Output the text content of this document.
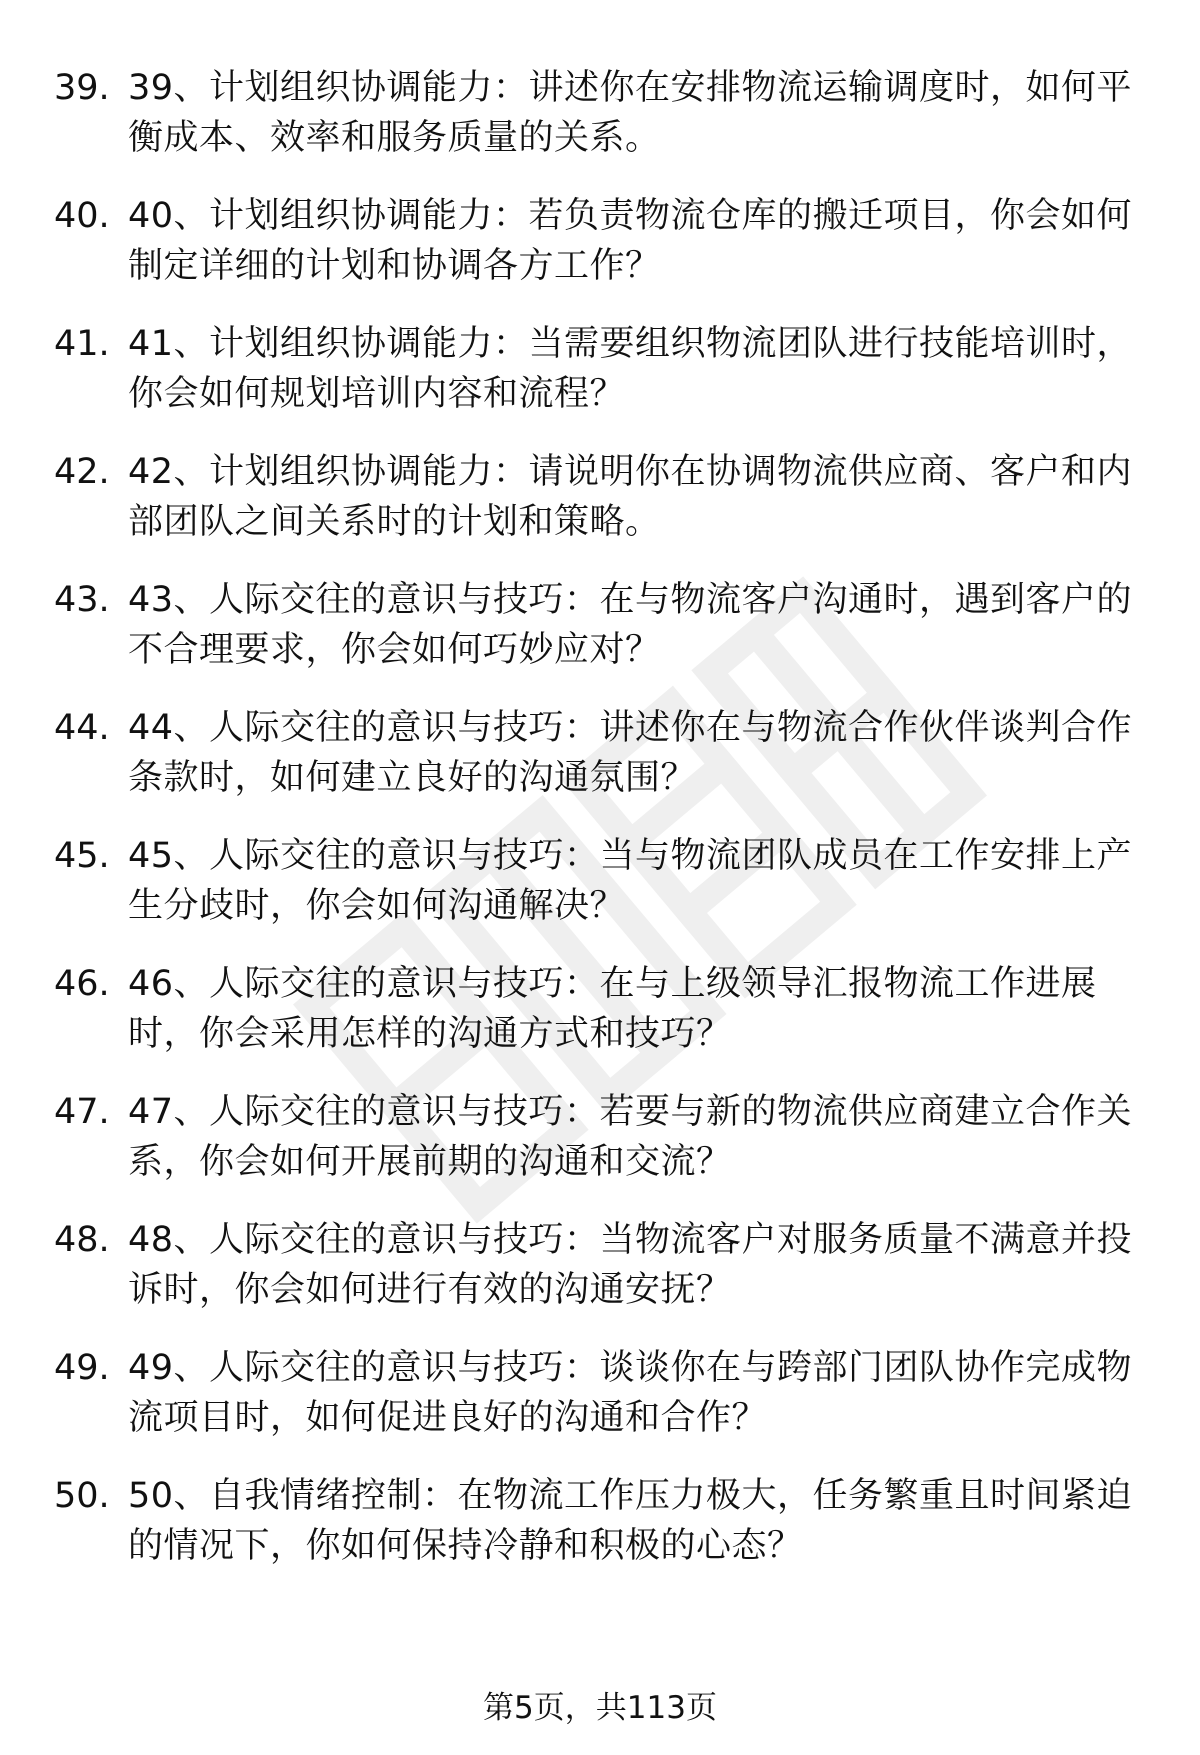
39. 39、计划组织协调能力：讲述你在安排物流运输调度时，如何平衡成本、效率和服务质量的关系。
40. 40、计划组织协调能力：若负责物流仓库的搬迁项目，你会如何制定详细的计划和协调各方工作？
41. 41、计划组织协调能力：当需要组织物流团队进行技能培训时，你会如何规划培训内容和流程？
42. 42、计划组织协调能力：请说明你在协调物流供应商、客户和内部团队之间关系时的计划和策略。
43. 43、人际交往的意识与技巧：在与物流客户沟通时，遇到客户的不合理要求，你会如何巧妙应对？
44. 44、人际交往的意识与技巧：讲述你在与物流合作伙伴谈判合作条款时，如何建立良好的沟通氛围？
45. 45、人际交往的意识与技巧：当与物流团队成员在工作安排上产生分歧时，你会如何沟通解决？
46. 46、人际交往的意识与技巧：在与上级领导汇报物流工作进展时，你会采用怎样的沟通方式和技巧？
47. 47、人际交往的意识与技巧：若要与新的物流供应商建立合作关系，你会如何开展前期的沟通和交流？
48. 48、人际交往的意识与技巧：当物流客户对服务质量不满意并投诉时，你会如何进行有效的沟通安抚？
49. 49、人际交往的意识与技巧：谈谈你在与跨部门团队协作完成物流项目时，如何促进良好的沟通和合作？
50. 50、自我情绪控制：在物流工作压力极大，任务繁重且时间紧迫的情况下，你如何保持冷静和积极的心态？
第5页，共113页
